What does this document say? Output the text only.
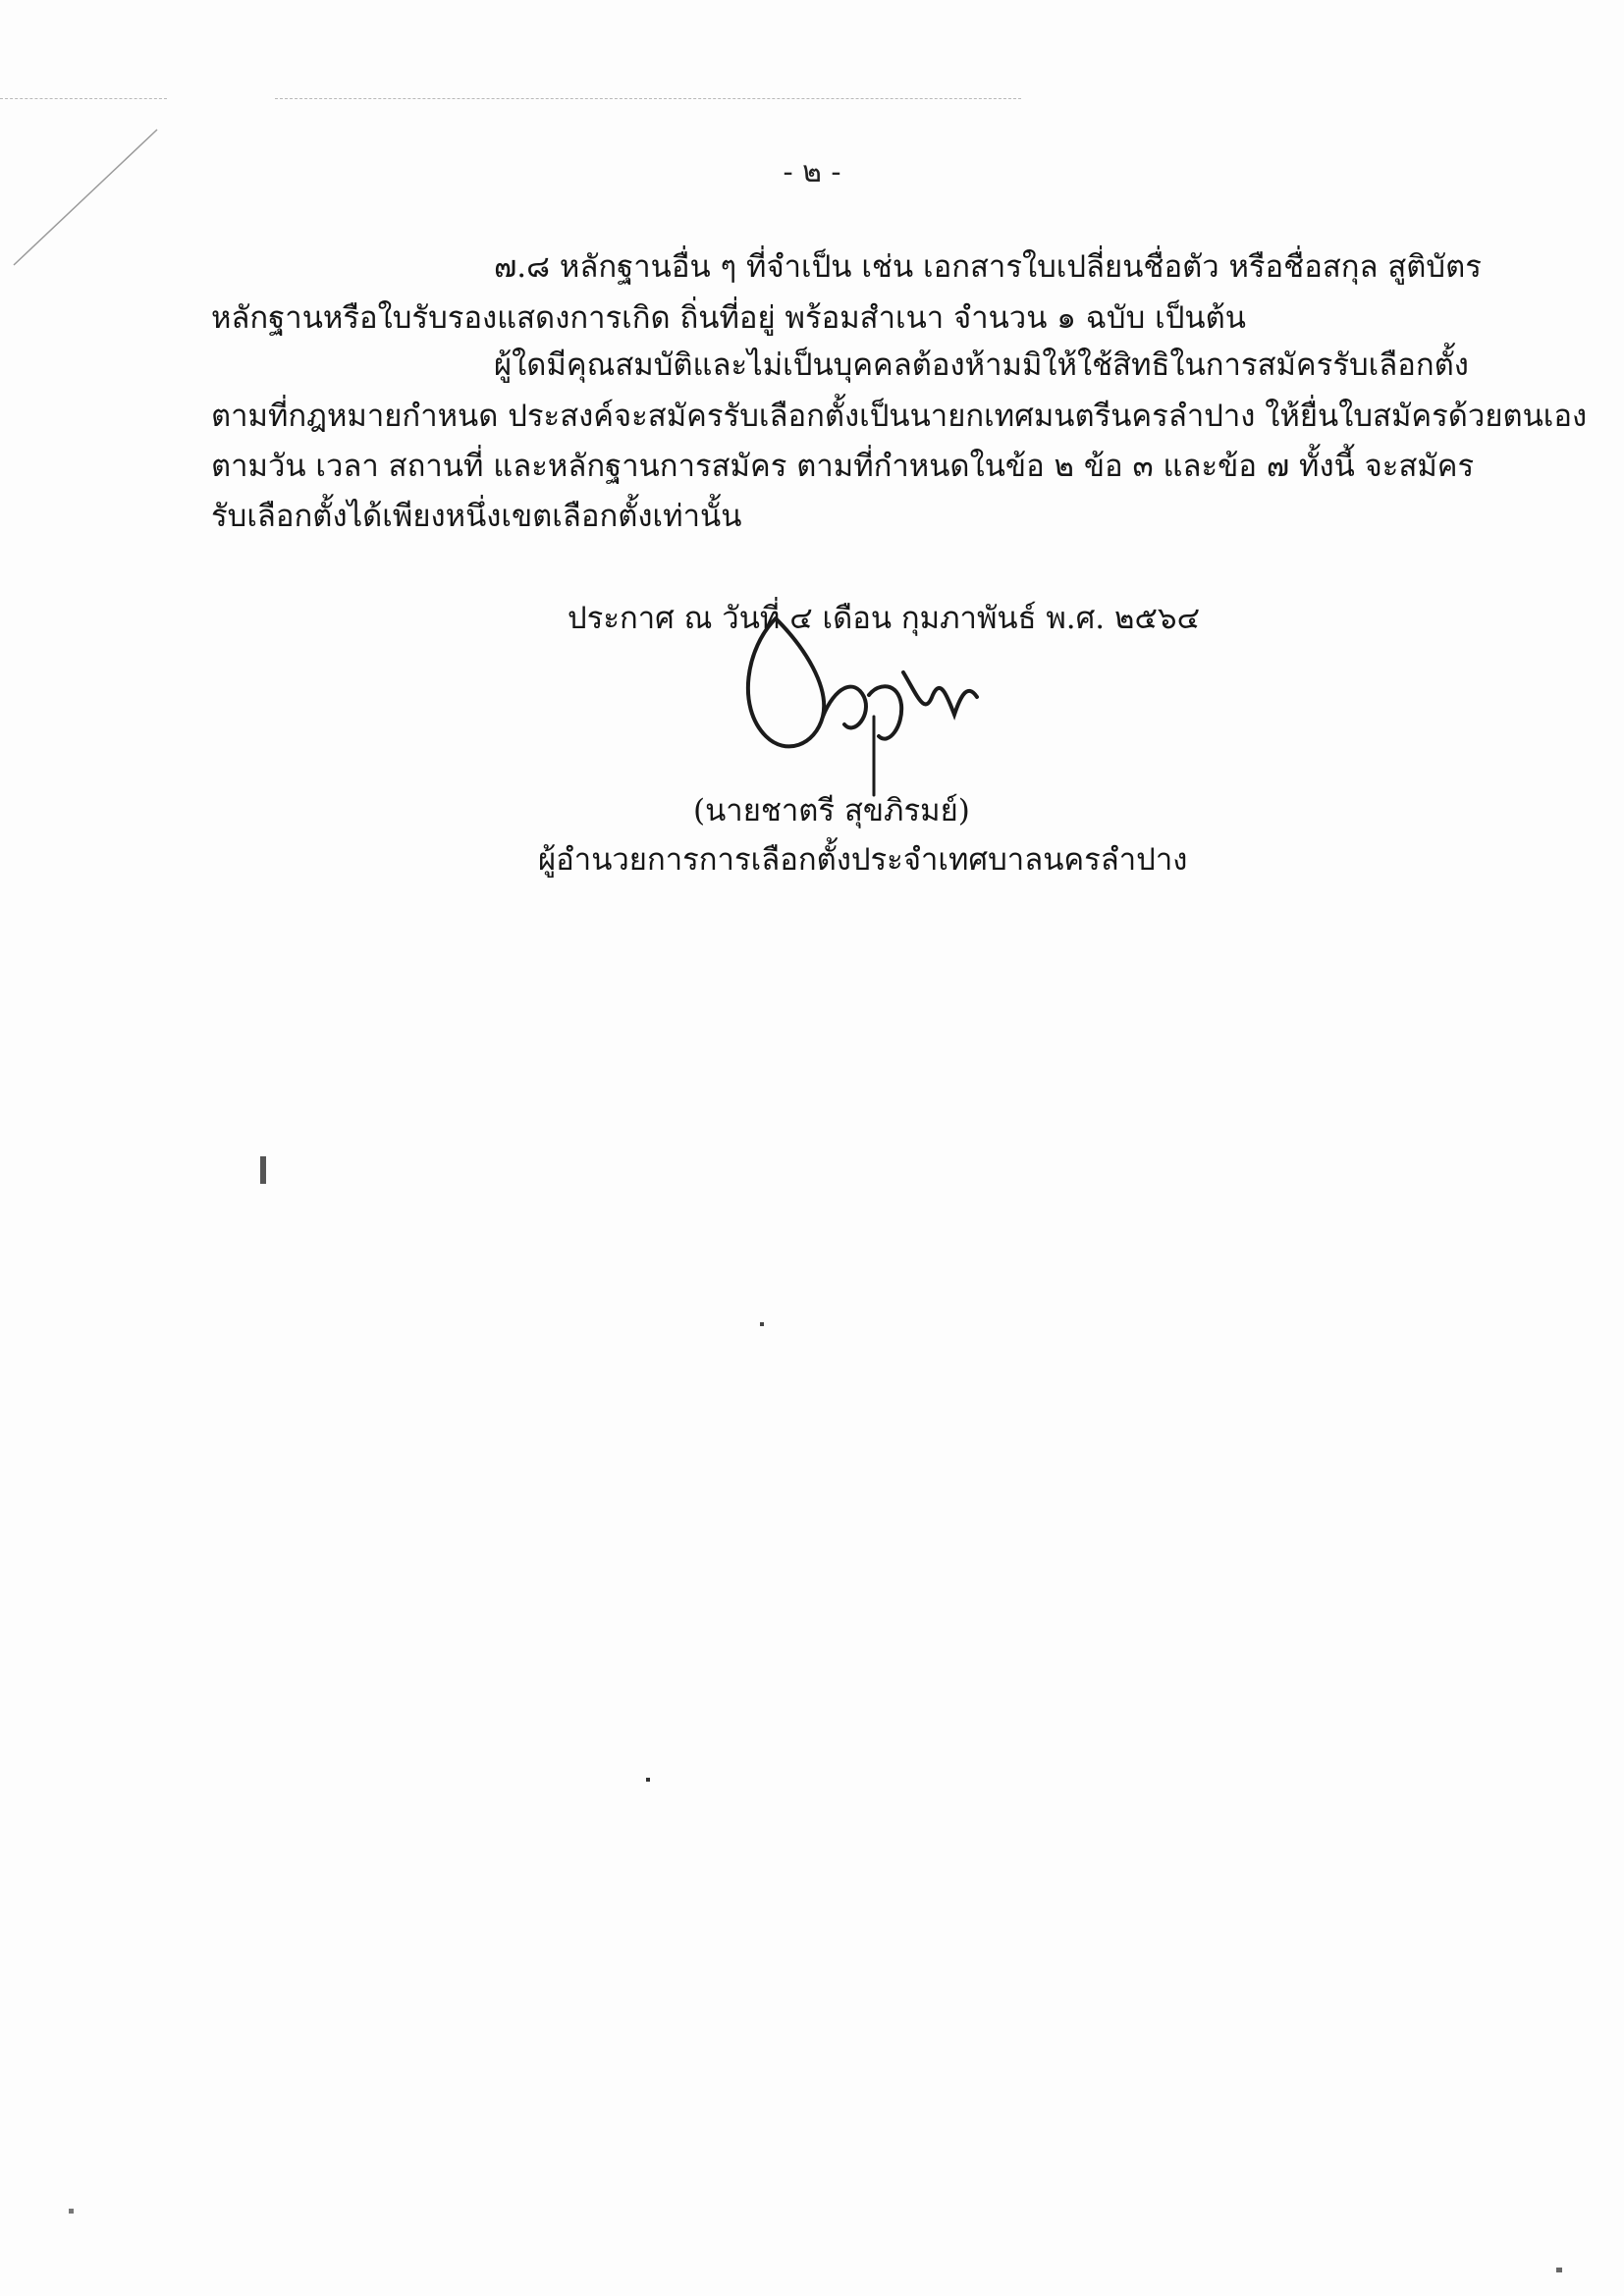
- ๒ -
๗.๘ หลักฐานอื่น ๆ ที่จำเป็น เช่น เอกสารใบเปลี่ยนชื่อตัว หรือชื่อสกุล สูติบัตร
หลักฐานหรือใบรับรองแสดงการเกิด ถิ่นที่อยู่ พร้อมสำเนา จำนวน ๑ ฉบับ เป็นต้น
ผู้ใดมีคุณสมบัติและไม่เป็นบุคคลต้องห้ามมิให้ใช้สิทธิในการสมัครรับเลือกตั้ง
ตามที่กฎหมายกำหนด ประสงค์จะสมัครรับเลือกตั้งเป็นนายกเทศมนตรีนครลำปาง ให้ยื่นใบสมัครด้วยตนเอง
ตามวัน เวลา สถานที่ และหลักฐานการสมัคร ตามที่กำหนดในข้อ ๒ ข้อ ๓ และข้อ ๗ ทั้งนี้ จะสมัคร
รับเลือกตั้งได้เพียงหนึ่งเขตเลือกตั้งเท่านั้น
ประกาศ ณ วันที่ ๔ เดือน กุมภาพันธ์ พ.ศ. ๒๕๖๔
(นายชาตรี สุขภิรมย์)
ผู้อำนวยการการเลือกตั้งประจำเทศบาลนครลำปาง
